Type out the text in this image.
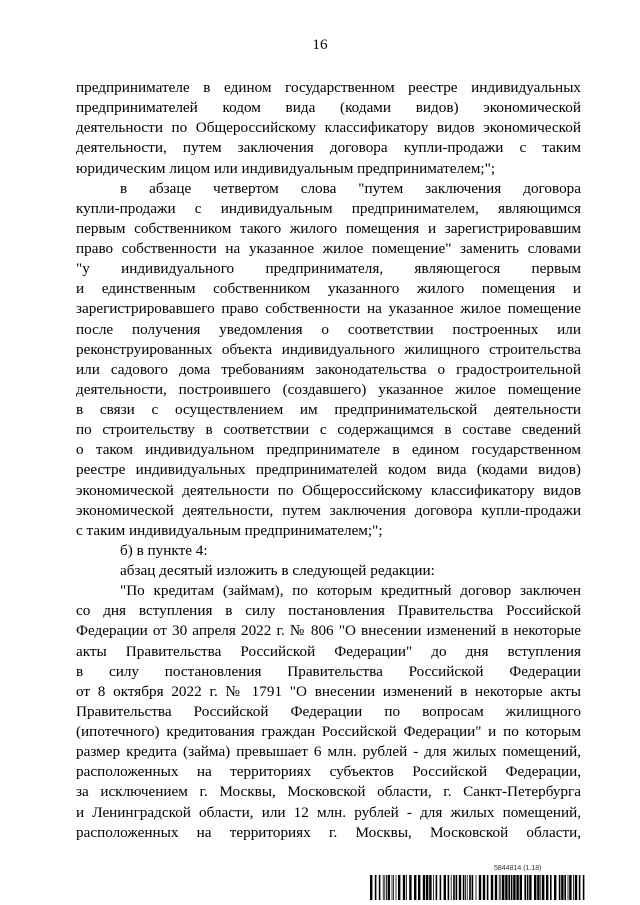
16
предпринимателе в едином государственном реестре индивидуальных
предпринимателей кодом вида (кодами видов) экономической
деятельности по Общероссийскому классификатору видов экономической
деятельности, путем заключения договора купли-продажи с таким
юридическим лицом или индивидуальным предпринимателем;";
в абзаце четвертом слова "путем заключения договора
купли-продажи с индивидуальным предпринимателем, являющимся
первым собственником такого жилого помещения и зарегистрировавшим
право собственности на указанное жилое помещение" заменить словами
"у индивидуального предпринимателя, являющегося первым
и единственным собственником указанного жилого помещения и
зарегистрировавшего право собственности на указанное жилое помещение
после получения уведомления о соответствии построенных или
реконструированных объекта индивидуального жилищного строительства
или садового дома требованиям законодательства о градостроительной
деятельности, построившего (создавшего) указанное жилое помещение
в связи с осуществлением им предпринимательской деятельности
по строительству в соответствии с содержащимся в составе сведений
о таком индивидуальном предпринимателе в едином государственном
реестре индивидуальных предпринимателей кодом вида (кодами видов)
экономической деятельности по Общероссийскому классификатору видов
экономической деятельности, путем заключения договора купли-продажи
с таким индивидуальным предпринимателем;";
б) в пункте 4:
абзац десятый изложить в следующей редакции:
"По кредитам (займам), по которым кредитный договор заключен
со дня вступления в силу постановления Правительства Российской
Федерации от 30 апреля 2022 г. № 806 "О внесении изменений в некоторые
акты Правительства Российской Федерации" до дня вступления
в силу постановления Правительства Российской Федерации
от 8 октября 2022 г. № 1791 "О внесении изменений в некоторые акты
Правительства Российской Федерации по вопросам жилищного
(ипотечного) кредитования граждан Российской Федерации" и по которым
размер кредита (займа) превышает 6 млн. рублей - для жилых помещений,
расположенных на территориях субъектов Российской Федерации,
за исключением г. Москвы, Московской области, г. Санкт-Петербурга
и Ленинградской области, или 12 млн. рублей - для жилых помещений,
расположенных на территориях г. Москвы, Московской области,
5844814 (1.18)
